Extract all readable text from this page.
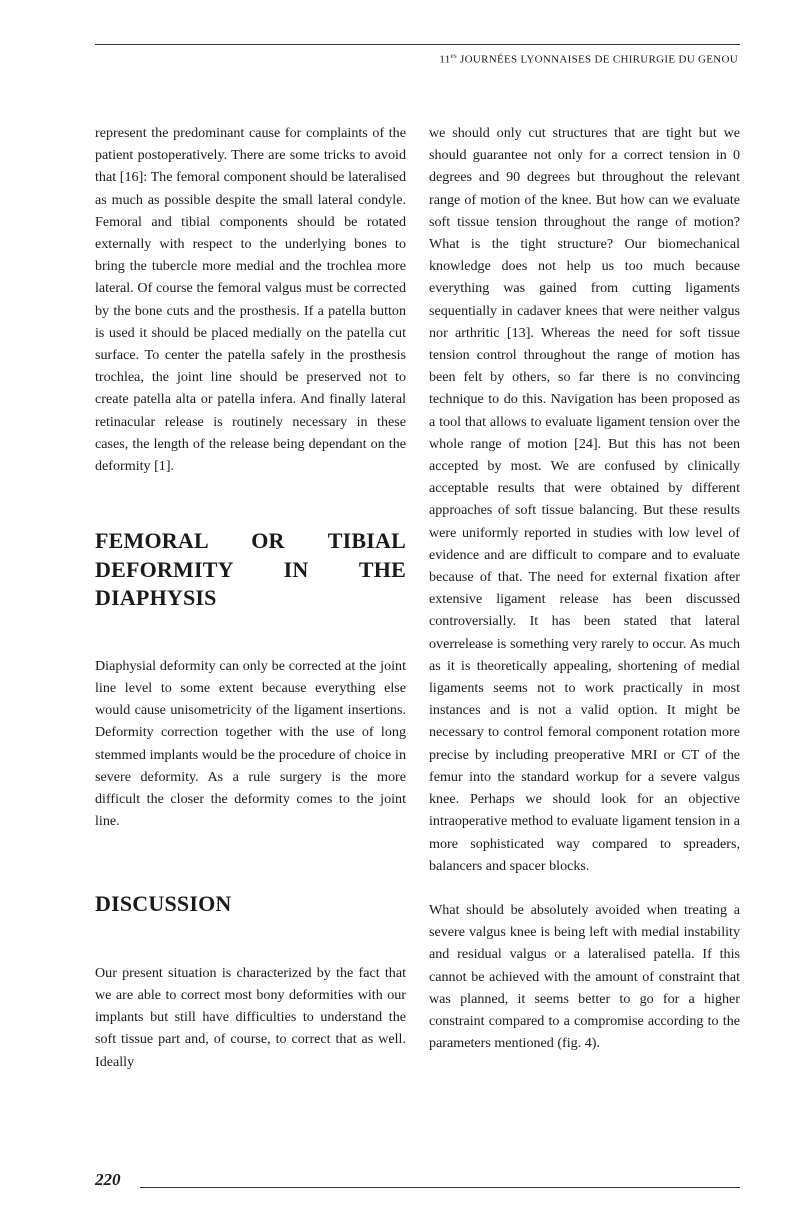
$11^{es}$ JOURNÉES LYONNAISES DE CHIRURGIE DU GENOU

represent the predominant cause for complaints of the patient postoperatively. There are some tricks to avoid that [16]: The femoral component should be lateralised as much as possible despite the small lateral condyle. Femoral and tibial components should be rotated externally with respect to the underlying bones to bring the tubercle more medial and the trochlea more lateral. Of course the femoral valgus must be corrected by the bone cuts and the prosthesis. If a patella button is used it should be placed medially on the patella cut surface. To center the patella safely in the prosthesis trochlea, the joint line should be preserved not to create patella alta or patella infera. And finally lateral retinacular release is routinely necessary in these cases, the length of the release being dependant on the deformity [1].

FEMORAL OR TIBIAL DEFORMITY IN THE DIAPHYSIS

Diaphysial deformity can only be corrected at the joint line level to some extent because everything else would cause unisometricity of the ligament insertions. Deformity correction together with the use of long stemmed implants would be the procedure of choice in severe deformity. As a rule surgery is the more difficult the closer the deformity comes to the joint line.

DISCUSSION

Our present situation is characterized by the fact that we are able to correct most bony deformities with our implants but still have difficulties to understand the soft tissue part and, of course, to correct that as well. Ideally

we should only cut structures that are tight but we should guarantee not only for a correct tension in 0 degrees and 90 degrees but throughout the relevant range of motion of the knee. But how can we evaluate soft tissue tension throughout the range of motion? What is the tight structure? Our biomechanical knowledge does not help us too much because everything was gained from cutting ligaments sequentially in cadaver knees that were neither valgus nor arthritic [13]. Whereas the need for soft tissue tension control throughout the range of motion has been felt by others, so far there is no convincing technique to do this. Navigation has been proposed as a tool that allows to evaluate ligament tension over the whole range of motion [24]. But this has not been accepted by most. We are confused by clinically acceptable results that were obtained by different approaches of soft tissue balancing. But these results were uniformly reported in studies with low level of evidence and are difficult to compare and to evaluate because of that. The need for external fixation after extensive ligament release has been discussed controversially. It has been stated that lateral overrelease is something very rarely to occur. As much as it is theoretically appealing, shortening of medial ligaments seems not to work practically in most instances and is not a valid option. It might be necessary to control femoral component rotation more precise by including preoperative MRI or CT of the femur into the standard workup for a severe valgus knee. Perhaps we should look for an objective intraoperative method to evaluate ligament tension in a more sophisticated way compared to spreaders, balancers and spacer blocks.

What should be absolutely avoided when treating a severe valgus knee is being left with medial instability and residual valgus or a lateralised patella. If this cannot be achieved with the amount of constraint that was planned, it seems better to go for a higher constraint compared to a compromise according to the parameters mentioned (fig. 4).

220
